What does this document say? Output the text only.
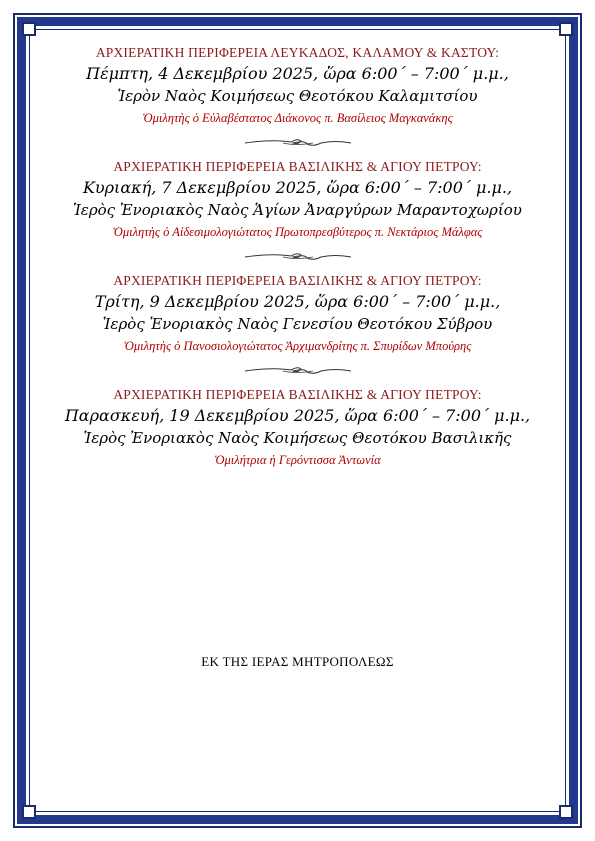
ΑΡΧΙΕΡΑΤΙΚΗ ΠΕΡΙΦΕΡΕΙΑ ΛΕΥΚΑΔΟΣ, ΚΑΛΑΜΟΥ & ΚΑΣΤΟΥ:
Πέμπτη, 4 Δεκεμβρίου 2025, ὥρα 6:00΄ – 7:00΄ μ.μ.,
Ἱερὸν Ναὸς Κοιμήσεως Θεοτόκου Καλαμιτσίου
Ὁμιλητὴς ὁ Εὐλαβέστατος Διάκονος π. Βασίλειος Μαγκανάκης
ΑΡΧΙΕΡΑΤΙΚΗ ΠΕΡΙΦΕΡΕΙΑ ΒΑΣΙΛΙΚΗΣ & ΑΓΙΟΥ ΠΕΤΡΟΥ:
Κυριακή, 7 Δεκεμβρίου 2025, ὥρα 6:00΄ – 7:00΄ μ.μ.,
Ἱερὸς Ἐνοριακὸς Ναὸς Ἁγίων Ἀναργύρων Μαραντοχωρίου
Ὁμιλητὴς ὁ Αἰδεσιμολογιώτατος Πρωτοπρεσβύτερος π. Νεκτάριος Μάλφας
ΑΡΧΙΕΡΑΤΙΚΗ ΠΕΡΙΦΕΡΕΙΑ ΒΑΣΙΛΙΚΗΣ & ΑΓΙΟΥ ΠΕΤΡΟΥ:
Τρίτη, 9 Δεκεμβρίου 2025, ὥρα 6:00΄ – 7:00΄ μ.μ.,
Ἱερὸς Ἐνοριακὸς Ναὸς Γενεσίου Θεοτόκου Σύβρου
Ὁμιλητὴς ὁ Πανοσιολογιώτατος Ἀρχιμανδρίτης π. Σπυρίδων Μπούρης
ΑΡΧΙΕΡΑΤΙΚΗ ΠΕΡΙΦΕΡΕΙΑ ΒΑΣΙΛΙΚΗΣ & ΑΓΙΟΥ ΠΕΤΡΟΥ:
Παρασκευή, 19 Δεκεμβρίου 2025, ὥρα 6:00΄ – 7:00΄ μ.μ.,
Ἱερὸς Ἐνοριακὸς Ναὸς Κοιμήσεως Θεοτόκου Βασιλικῆς
Ὁμιλήτρια ἡ Γερόντισσα Ἀντωνία
ΕΚ ΤΗΣ ΙΕΡΑΣ ΜΗΤΡΟΠΟΛΕΩΣ
